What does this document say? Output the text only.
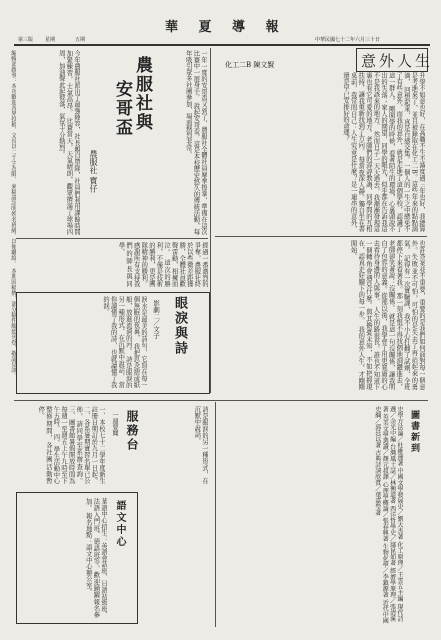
華 夏 導 報
中華民國七十二年六月三十日
五期
星期
第三版
意外人生
化工二B 陳文賢
升學不如意也好，在高職不生不滅度過三年也好，我總算是考進來了，並且被錄取在化工二B。這些年來的點點滴滴， 回想起來，真是百感交集。一個人的一生之中總免不了有些意外，而我的意外，就是走進了這個學校，認識了這一群人。 剛開學的時候，看著陌生的環境，心裏頭說不出的失落；家人的期望，同學的眼光，似乎都在告訴我這不是我該來的地方。 然而日子一天天過去，我漸漸發現這裏也有它可愛的地方。老師們的諄諄教誨，同學間的互相扶持，讓我重新找到了方向。 每當夜深人靜，獨自坐在書桌前，我常問自己：人生究竟是什麼？是一連串的意外，還是早已安排好的命運？
也許答案並不重要，重要的是我們如何面對每一個意外。失敗並不可怕，可怕的是失去了再站起來的勇氣。 記得有一次實驗課，我不小心打翻了試劑，全班都停下來看著我。那一刻我恨不得找個地洞鑽進去，老師卻笑著說：沒關係。 就是這一句沒關係，讓我明白了包容的意義。從那以後，我學會了用更寬廣的心去看待身邊的人與事。 人生的路很長，誰也不知道下一個轉角會遇見什麼。與其擔憂未知，不如把握現在，認真走好腳下的每一步。 我的意外人生，才剛剛開始。
農服社與
安哥盃
農服社 寶仔	一年一度的安哥盃又到了，農服社全體社員摩拳擦掌，準備在這次比賽中一展身手。 說起安哥盃，這是本校歷史悠久的傳統活動，每年吸引眾多社團參加，場面熱烈非常。
今年農服社派出了最強陣容，社長親自帶隊，社員們利用課餘時間加緊練習，士氣高昂。 比賽當天，天氣晴朗，觀眾擠滿了球場四周，加油聲此起彼落，氣氛十分熱烈。
經過一番激烈的爭奪，農服社終於以些微差距獲勝，全體社員歡聲雷動，相擁而泣。 這次的勝利，不僅是技術的勝利，更是團隊精神的勝利。感謝所有支持我們的師長與同學。
眼淚與詩
影劇二／文子
淚水是最美的詩句，它寫在每一個無眠的夜裏， 我把思念摺成紙船，放進流淌的河。 詩是眼淚的另一種形式，在沉默中說話， 當你讀懂了我的詩，也就讀懂了我的淚。
服務台
一週要聞
一、本校七十二學年度新生註冊日期訂於九月一日起。 二、各系暑期實習名單已公佈，請同學至系辦查詢。 三、圖書館暑假開放時間為每週一至週五上午九時至下午五時。 四、學生活動中心整修期間，各社團活動暫停。	詩是眼淚的另一種形式，在沉默中說話，
語文中心
華語中心招生：英語會話班、日語初級班、 法語入門班、德語班等，歡迎踴躍報名參加。 報名地點：語文中心辦公室。
圖書新到
史學方法論／杜維運著 中國文學發展史／劉大杰著 化工原理／王雲五主編 現代詩選／余光中編 台灣風土誌／林衡道著 西洋哲學史／鄔昆如著 經濟學原理／張清溪著 英美文學選讀／顏元叔譯 心理學概論／張春興著 生物化學／李鎮源著 近代中國史綱／郭廷以著 古典詩詞欣賞／葉嘉瑩著
編輯部啟事：本刊歡迎各界投稿，文長以二千字為限， 來稿請註明姓名班級，以便聯絡。 本期因稿擠，部分稿件順延刊登，敬請見諒。
